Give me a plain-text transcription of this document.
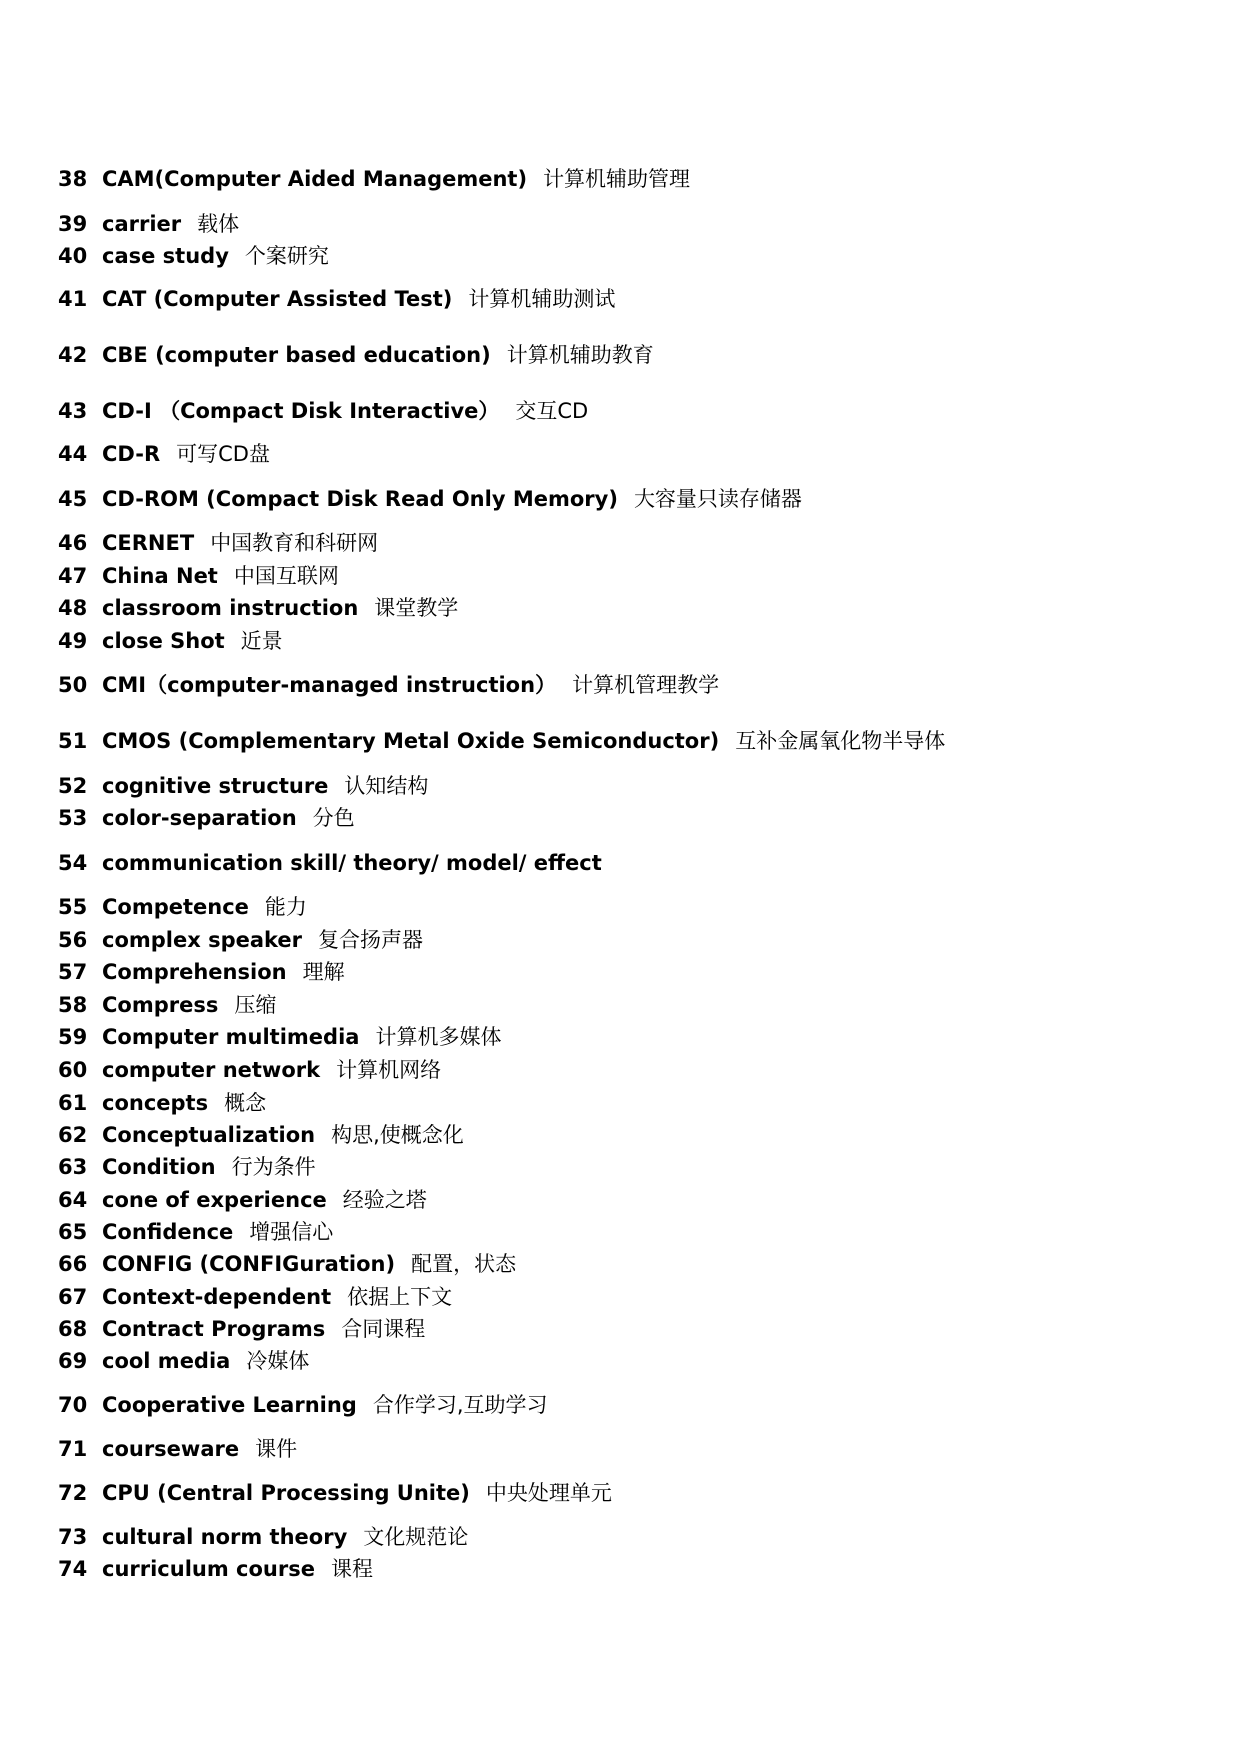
38 CAM(Computer Aided Management) 计算机辅助管理
39 carrier 载体
40 case study 个案研究
41 CAT (Computer Assisted Test) 计算机辅助测试
42 CBE (computer based education) 计算机辅助教育
43 CD-I （Compact Disk Interactive） 交互CD
44 CD-R 可写CD盘
45 CD-ROM (Compact Disk Read Only Memory) 大容量只读存储器
46 CERNET 中国教育和科研网
47 China Net 中国互联网
48 classroom instruction 课堂教学
49 close Shot 近景
50 CMI（computer-managed instruction） 计算机管理教学
51 CMOS (Complementary Metal Oxide Semiconductor) 互补金属氧化物半导体
52 cognitive structure 认知结构
53 color-separation 分色
54 communication skill/ theory/ model/ effect
55 Competence 能力
56 complex speaker 复合扬声器
57 Comprehension 理解
58 Compress 压缩
59 Computer multimedia 计算机多媒体
60 computer network 计算机网络
61 concepts 概念
62 Conceptualization 构思,使概念化
63 Condition 行为条件
64 cone of experience 经验之塔
65 Confidence 增强信心
66 CONFIG (CONFIGuration) 配置，状态
67 Context-dependent 依据上下文
68 Contract Programs 合同课程
69 cool media 冷媒体
70 Cooperative Learning 合作学习,互助学习
71 courseware 课件
72 CPU (Central Processing Unite) 中央处理单元
73 cultural norm theory 文化规范论
74 curriculum course 课程
